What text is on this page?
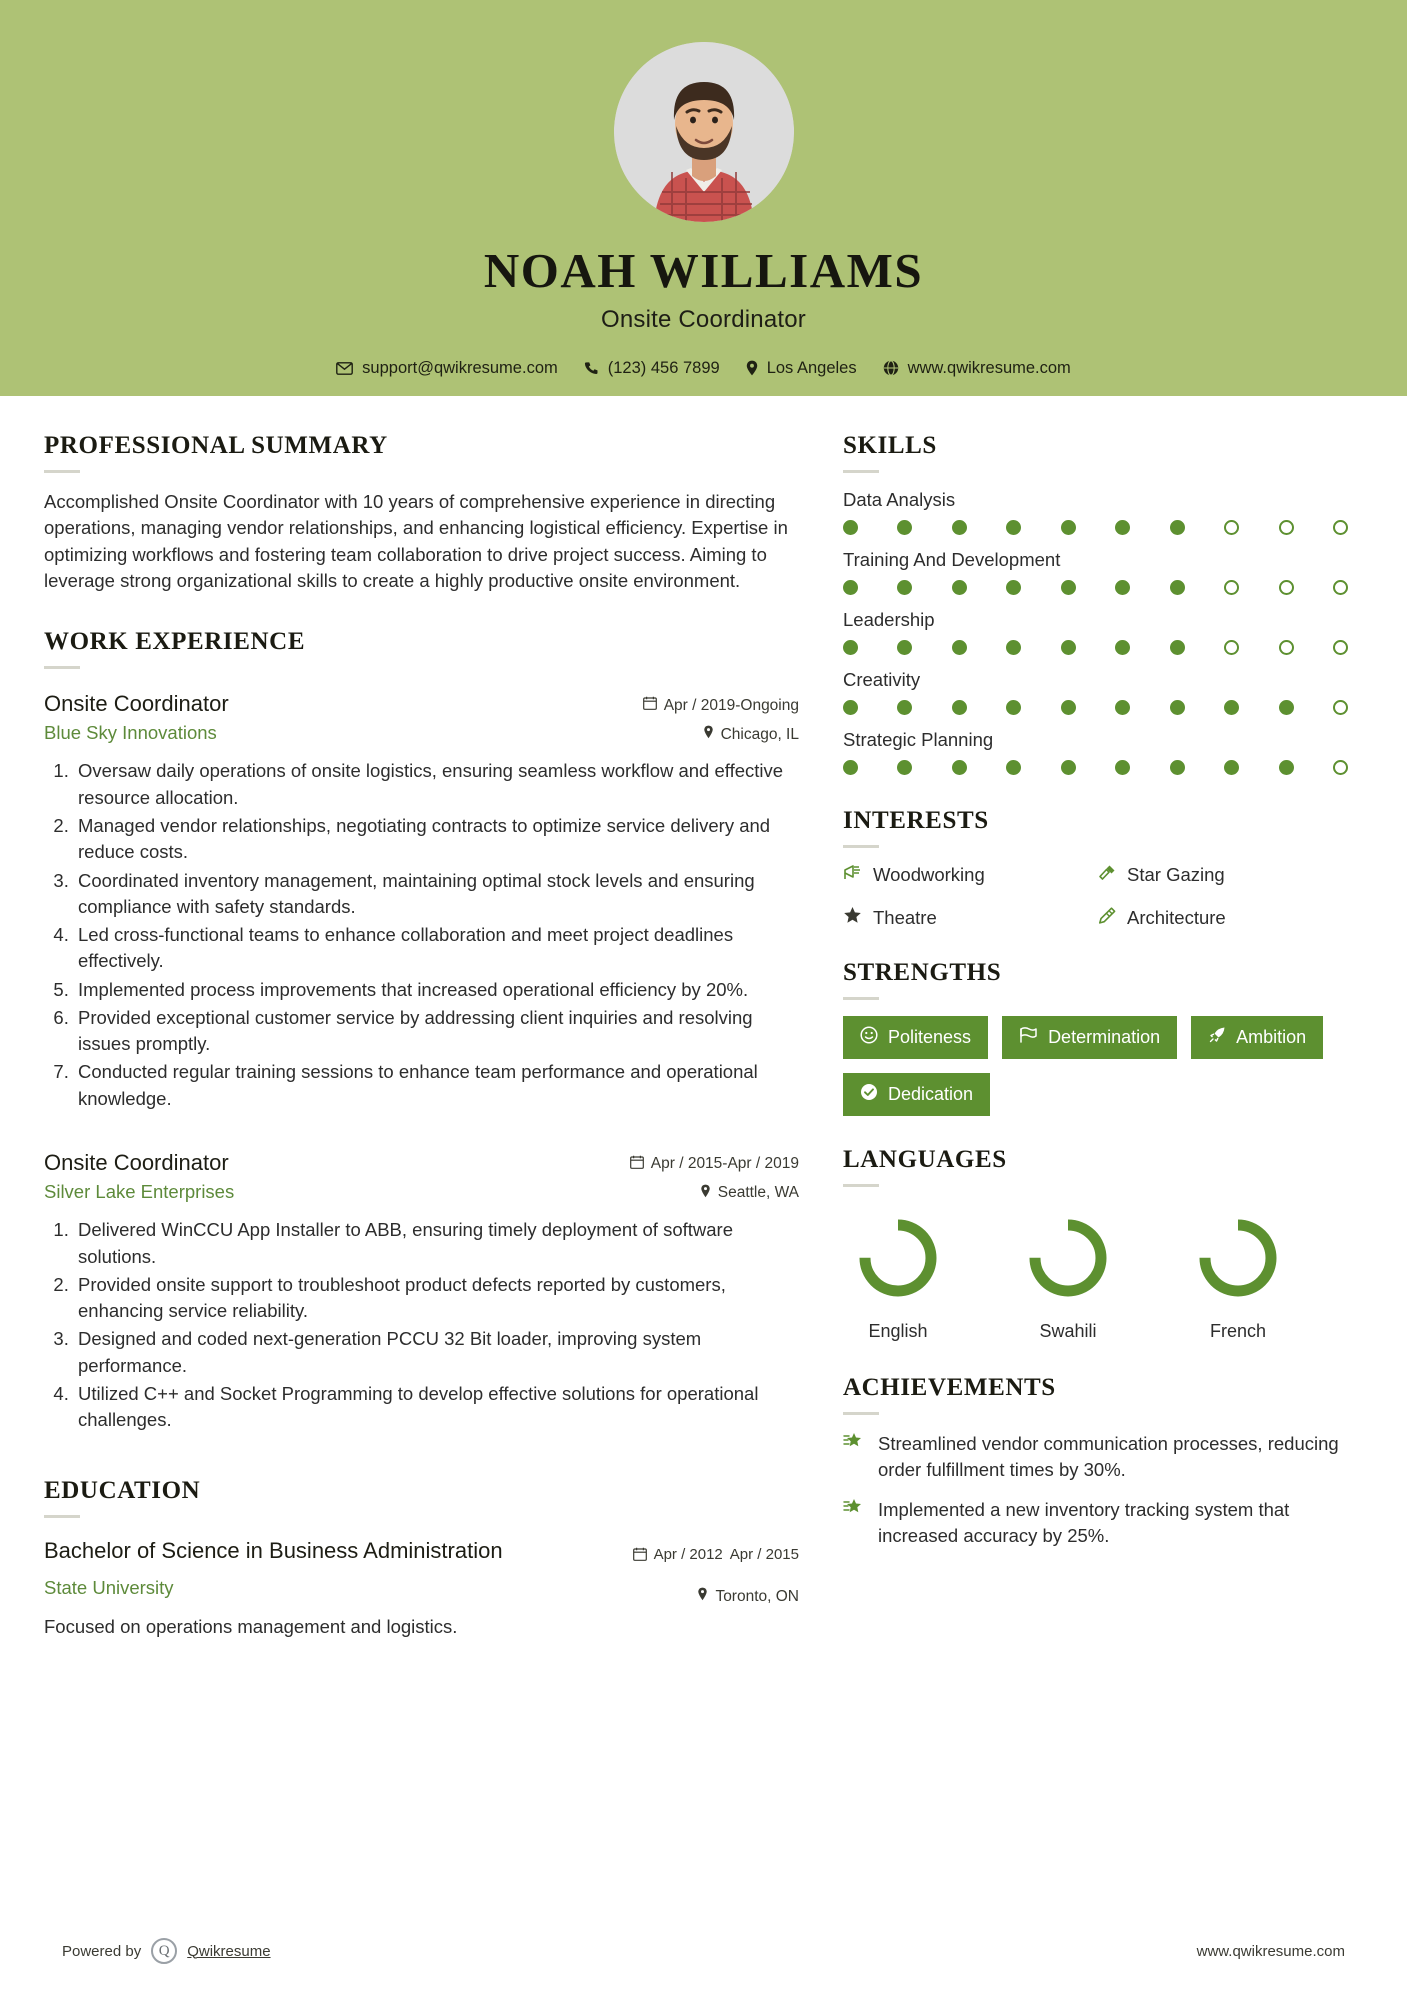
NOAH WILLIAMS
Onsite Coordinator
support@qwikresume.com	(123) 456 7899	Los Angeles	www.qwikresume.com
PROFESSIONAL SUMMARY

Accomplished Onsite Coordinator with 10 years of comprehensive experience in directing operations, managing vendor relationships, and enhancing logistical efficiency. Expertise in optimizing workflows and fostering team collaboration to drive project success. Aiming to leverage strong organizational skills to create a highly productive onsite environment.

WORK EXPERIENCE
Onsite Coordinator
Blue Sky Innovations
Apr / 2019-Ongoing
Chicago, IL
1. Oversaw daily operations of onsite logistics, ensuring seamless workflow and effective resource allocation.
2. Managed vendor relationships, negotiating contracts to optimize service delivery and reduce costs.
3. Coordinated inventory management, maintaining optimal stock levels and ensuring compliance with safety standards.
4. Led cross-functional teams to enhance collaboration and meet project deadlines effectively.
5. Implemented process improvements that increased operational efficiency by 20%.
6. Provided exceptional customer service by addressing client inquiries and resolving issues promptly.
7. Conducted regular training sessions to enhance team performance and operational knowledge.
Onsite Coordinator
Silver Lake Enterprises
Apr / 2015-Apr / 2019
Seattle, WA
1. Delivered WinCCU App Installer to ABB, ensuring timely deployment of software solutions.
2. Provided onsite support to troubleshoot product defects reported by customers, enhancing service reliability.
3. Designed and coded next-generation PCCU 32 Bit loader, improving system performance.
4. Utilized C++ and Socket Programming to develop effective solutions for operational challenges.
EDUCATION
Bachelor of Science in Business Administration
State University
Apr / 2012 Apr / 2015
Toronto, ON
Focused on operations management and logistics.
SKILLS
Data Analysis
Training And Development
Leadership
Creativity
Strategic Planning
INTERESTS
Woodworking	Star Gazing
Theatre	Architecture
STRENGTHS
Politeness	Determination	Ambition
Dedication
LANGUAGES
English	Swahili	French
ACHIEVEMENTS
Streamlined vendor communication processes, reducing order fulfillment times by 30%.
Implemented a new inventory tracking system that increased accuracy by 25%.
Powered by	Q	Qwikresume	www.qwikresume.com
